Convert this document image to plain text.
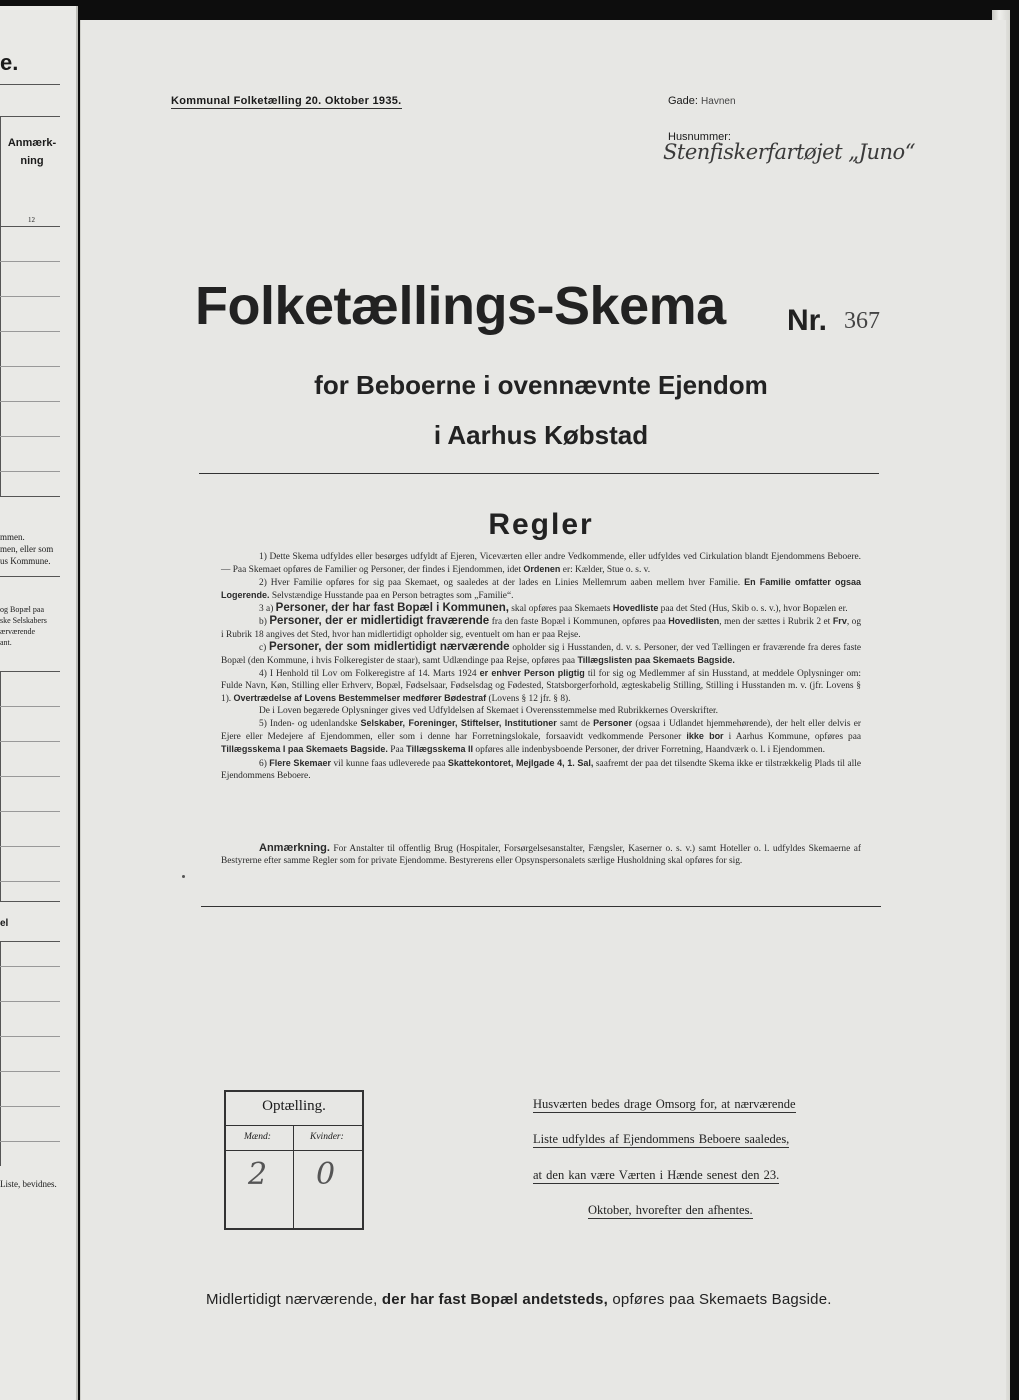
e.
Anmærk-
ning
12
mmen.
men, eller som
us Kommune.
og Bopæl paa
ske Selskabers
ærværende
ant.
el
Liste, bevidnes.
Kommunal Folketælling 20. Oktober 1935.	Gade: Havnen
Husnummer:
Stenfiskerfartøjet „Juno“
Folketællings-Skema Nr. 367
for Beboerne i ovennævnte Ejendom
i Aarhus Købstad
Regler

1) Dette Skema udfyldes eller besørges udfyldt af Ejeren, Viceværten eller andre Vedkommende, eller udfyldes ved Cirkulation blandt Ejendommens Beboere. — Paa Skemaet opføres de Familier og Personer, der findes i Ejendommen, idet Ordenen er: Kælder, Stue o. s. v.

2) Hver Familie opføres for sig paa Skemaet, og saaledes at der lades en Linies Mellemrum aaben mellem hver Familie. En Familie omfatter ogsaa Logerende. Selvstændige Husstande paa en Person betragtes som „Familie“.

3 a) Personer, der har fast Bopæl i Kommunen, skal opføres paa Skemaets Hovedliste paa det Sted (Hus, Skib o. s. v.), hvor Bopælen er.

b) Personer, der er midlertidigt fraværende fra den faste Bopæl i Kommunen, opføres paa Hovedlisten, men der sættes i Rubrik 2 et Frv, og i Rubrik 18 angives det Sted, hvor han midlertidigt opholder sig, eventuelt om han er paa Rejse.

c) Personer, der som midlertidigt nærværende opholder sig i Husstanden, d. v. s. Personer, der ved Tællingen er fraværende fra deres faste Bopæl (den Kommune, i hvis Folkeregister de staar), samt Udlændinge paa Rejse, opføres paa Tillægslisten paa Skemaets Bagside.

4) I Henhold til Lov om Folkeregistre af 14. Marts 1924 er enhver Person pligtig til for sig og Medlemmer af sin Husstand, at meddele Oplysninger om: Fulde Navn, Køn, Stilling eller Erhverv, Bopæl, Fødselsaar, Fødselsdag og Fødested, Statsborgerforhold, ægteskabelig Stilling, Stilling i Husstanden m. v. (jfr. Lovens § 1). Overtrædelse af Lovens Bestemmelser medfører Bødestraf (Lovens § 12 jfr. § 8).

De i Loven begærede Oplysninger gives ved Udfyldelsen af Skemaet i Overensstemmelse med Rubrikkernes Overskrifter.

5) Inden- og udenlandske Selskaber, Foreninger, Stiftelser, Institutioner samt de Personer (ogsaa i Udlandet hjemmehørende), der helt eller delvis er Ejere eller Medejere af Ejendommen, eller som i denne har Forretningslokale, forsaavidt vedkommende Personer ikke bor i Aarhus Kommune, opføres paa Tillægsskema I paa Skemaets Bagside. Paa Tillægsskema II opføres alle indenbysboende Personer, der driver Forretning, Haandværk o. l. i Ejendommen.

6) Flere Skemaer vil kunne faas udleverede paa Skattekontoret, Mejlgade 4, 1. Sal, saafremt der paa det tilsendte Skema ikke er tilstrækkelig Plads til alle Ejendommens Beboere.

Anmærkning. For Anstalter til offentlig Brug (Hospitaler, Forsørgelsesanstalter, Fængsler, Kaserner o. s. v.) samt Hoteller o. l. udfyldes Skemaerne af Bestyrerne efter samme Regler som for private Ejendomme. Bestyrerens eller Opsynspersonalets særlige Husholdning skal opføres for sig.
Optælling.
Mænd:	Kvinder:
2 0
Husværten bedes drage Omsorg for, at nærværende
Liste udfyldes af Ejendommens Beboere saaledes,
at den kan være Værten i Hænde senest den 23.
Oktober, hvorefter den afhentes.
Midlertidigt nærværende, der har fast Bopæl andetsteds, opføres paa Skemaets Bagside.
